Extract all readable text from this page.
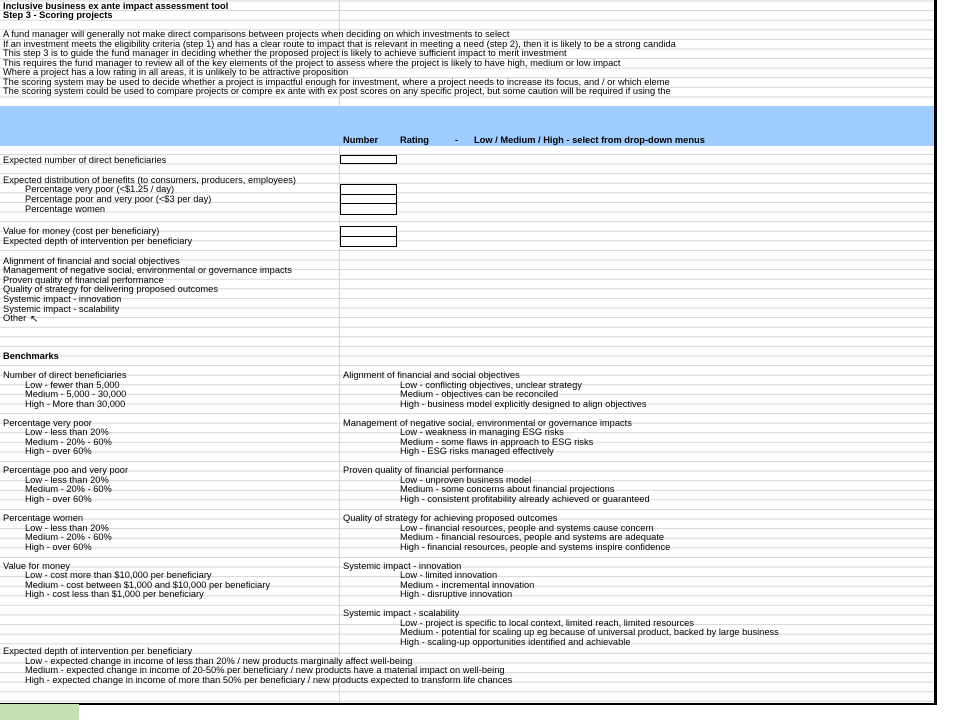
Inclusive business ex ante impact assessment tool
Step 3 - Scoring projects
A fund manager will generally not make direct comparisons between projects when deciding on which investments to select
If an investment meets the eligibility criteria (step 1) and has a clear route to impact that is relevant in meeting a need (step 2), then it is likely to be a strong candida
This step 3 is to guide the fund manager in deciding whether the proposed project is likely to achieve sufficient impact to merit investment
This requires the fund manager to review all of the key elements of the project to assess where the project is likely to have high, medium or low impact
Where a project has a low rating in all areas, it is unlikely to be attractive proposition
The scoring system may be used to decide whether a project is impactful enough for investment, where a project needs to increase its focus, and / or which eleme
The scoring system could be used to compare projects or compre ex ante with ex post scores on any specific project, but some caution will be required if using the
Number Rating	- Low / Medium / High - select from drop-down menus
Expected number of direct beneficiaries
Expected distribution of benefits (to consumers, producers, employees)
Percentage very poor (<$1.25 / day)
Percentage poor and very poor (<$3 per day)
Percentage women
Value for money (cost per beneficiary)
Expected depth of intervention per beneficiary
Alignment of financial and social objectives
Management of negative social, environmental or governance impacts
Proven quality of financial performance
Quality of strategy for delivering proposed outcomes
Systemic impact - innovation
Systemic impact - scalability
Other ↖
Benchmarks
Number of direct beneficiaries
Low - fewer than 5,000
Medium - 5,000 - 30,000
High - More than 30,000
Percentage very poor
Low - less than 20%
Medium - 20% - 60%
High - over 60%
Percentage poo and very poor
Low - less than 20%
Medium - 20% - 60%
High - over 60%
Percentage women
Low - less than 20%
Medium - 20% - 60%
High - over 60%
Value for money
Low - cost more than $10,000 per beneficiary
Medium - cost between $1,000 and $10,000 per beneficiary
High - cost less than $1,000 per beneficiary
Expected depth of intervention per beneficiary
Low - expected change in income of less than 20% / new products marginally affect well-being
Medium - expected change in income of 20-50% per beneficiary / new products have a material impact on well-being
High - expected change in income of more than 50% per beneficiary / new products expected to transform life chances
Alignment of financial and social objectives
Low - conflicting objectives, unclear strategy
Medium - objectives can be reconciled
High - business model explicitly designed to align objectives
Management of negative social, environmental or governance impacts
Low - weakness in managing ESG risks
Medium - some flaws in approach to ESG risks
High - ESG risks managed effectively
Proven quality of financial performance
Low - unproven business model
Medium - some concerns about financial projections
High - consistent profitability already achieved or guaranteed
Quality of strategy for achieving proposed outcomes
Low - financial resources, people and systems cause concern
Medium - financial resources, people and systems are adequate
High - financial resources, people and systems inspire confidence
Systemic impact - innovation
Low - limited innovation
Medium - incremental innovation
High - disruptive innovation
Systemic impact - scalability
Low - project is specific to local context, limited reach, limited resources
Medium - potential for scaling up eg because of universal product, backed by large business
High - scaling-up opportunities identified and achievable
